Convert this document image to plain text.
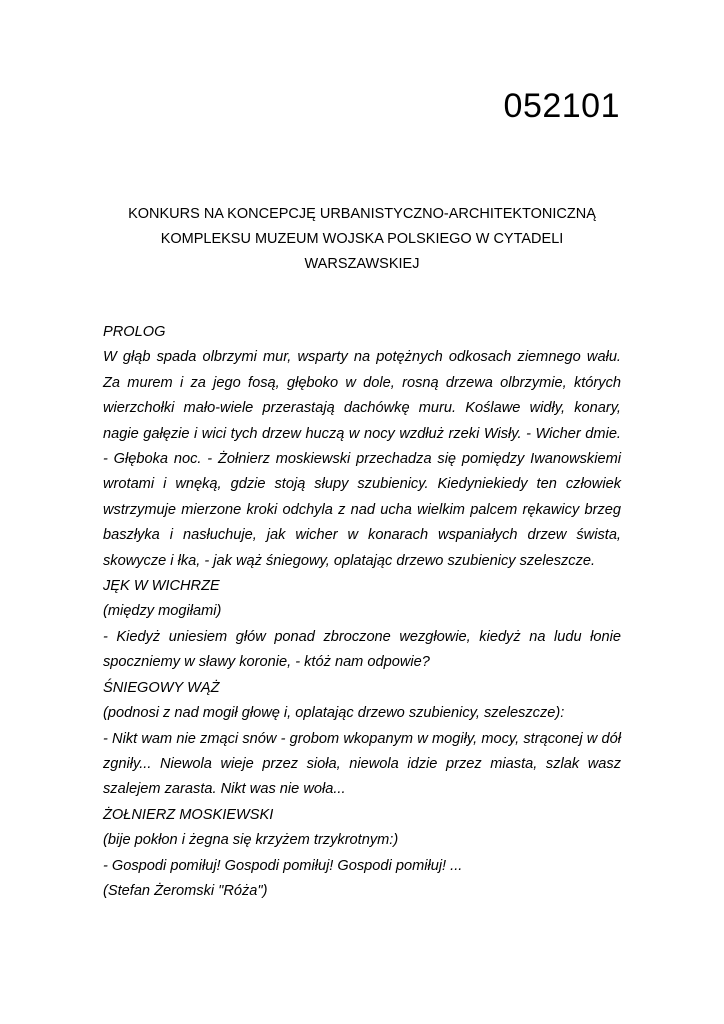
052101
KONKURS NA KONCEPCJĘ URBANISTYCZNO-ARCHITEKTONICZNĄ
KOMPLEKSU MUZEUM WOJSKA POLSKIEGO W CYTADELI
WARSZAWSKIEJ

PROLOG

W głąb spada olbrzymi mur, wsparty na potężnych odkosach ziemnego wału. Za murem i za jego fosą, głęboko w dole, rosną drzewa olbrzymie, których wierzchołki mało-wiele przerastają dachówkę muru. Koślawe widły, konary, nagie gałęzie i wici tych drzew huczą w nocy wzdłuż rzeki Wisły. - Wicher dmie. - Głęboka noc. - Żołnierz moskiewski przechadza się pomiędzy Iwanowskiemi wrotami i wnęką, gdzie stoją słupy szubienicy. Kiedyniekiedy ten człowiek wstrzymuje mierzone kroki odchyla z nad ucha wielkim palcem rękawicy brzeg baszłyka i nasłuchuje, jak wicher w konarach wspaniałych drzew śwista, skowycze i łka, - jak wąż śniegowy, oplatając drzewo szubienicy szeleszcze.

JĘK W WICHRZE

(między mogiłami)

- Kiedyż uniesiem głów ponad zbroczone wezgłowie, kiedyż na ludu łonie spoczniemy w sławy koronie, - któż nam odpowie?

ŚNIEGOWY WĄŻ

(podnosi z nad mogił głowę i, oplatając drzewo szubienicy, szeleszcze):

- Nikt wam nie zmąci snów - grobom wkopanym w mogiły, mocy, strąconej w dół zgniły... Niewola wieje przez sioła, niewola idzie przez miasta, szlak wasz szalejem zarasta. Nikt was nie woła...

ŻOŁNIERZ MOSKIEWSKI

(bije pokłon i żegna się krzyżem trzykrotnym:)

- Gospodi pomiłuj! Gospodi pomiłuj! Gospodi pomiłuj! ...

(Stefan Żeromski "Róża")
